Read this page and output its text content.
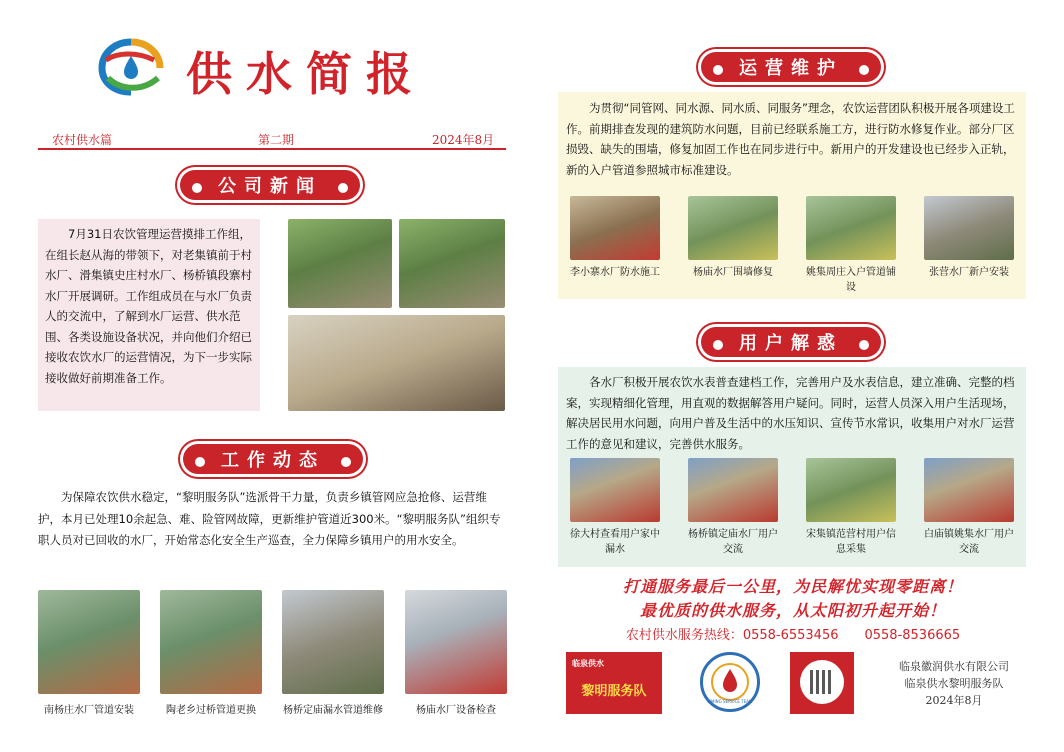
供水简报
农村供水篇	第二期	2024年8月
公司新闻
7月31日农饮管理运营摸排工作组，在组长赵从海的带领下，对老集镇前于村水厂、滑集镇史庄村水厂、杨桥镇段寨村水厂开展调研。工作组成员在与水厂负责人的交流中，了解到水厂运营、供水范围、各类设施设备状况，并向他们介绍已接收农饮水厂的运营情况，为下一步实际接收做好前期准备工作。
工作动态
为保障农饮供水稳定，“黎明服务队”选派骨干力量，负责乡镇管网应急抢修、运营维护，本月已处理10余起急、难、险管网故障，更新维护管道近300米。“黎明服务队”组织专职人员对已回收的水厂，开始常态化安全生产巡查，全力保障乡镇用户的用水安全。
南杨庄水厂管道安装	陶老乡过桥管道更换	杨桥定庙漏水管道维修	杨庙水厂设备检查
运营维护
为贯彻“同管网、同水源、同水质、同服务”理念，农饮运营团队积极开展各项建设工作。前期排查发现的建筑防水问题，目前已经联系施工方，进行防水修复作业。部分厂区损毁、缺失的围墙，修复加固工作也在同步进行中。新用户的开发建设也已经步入正轨，新的入户管道参照城市标准建设。
李小寨水厂防水施工	杨庙水厂围墙修复	姚集周庄入户管道铺设
张营水厂新户安装
用户解惑
各水厂积极开展农饮水表普查建档工作，完善用户及水表信息，建立准确、完整的档案，实现精细化管理，用直观的数据解答用户疑问。同时，运营人员深入用户生活现场，解决居民用水问题，向用户普及生活中的水压知识、宣传节水常识，收集用户对水厂运营工作的意见和建议，完善供水服务。
徐大村查看用户家中漏水
杨桥镇定庙水厂用户交流
宋集镇范营村用户信息采集
白庙镇姚集水厂用户交流
打通服务最后一公里，为民解忧实现零距离！
最优质的供水服务，从太阳初升起开始！
农村供水服务热线：0558-6553456　　0558-8536665
临泉供水
黎明服务队
LIMING SERVICE TEAM
临泉徽润供水有限公司
临泉供水黎明服务队
2024年8月
